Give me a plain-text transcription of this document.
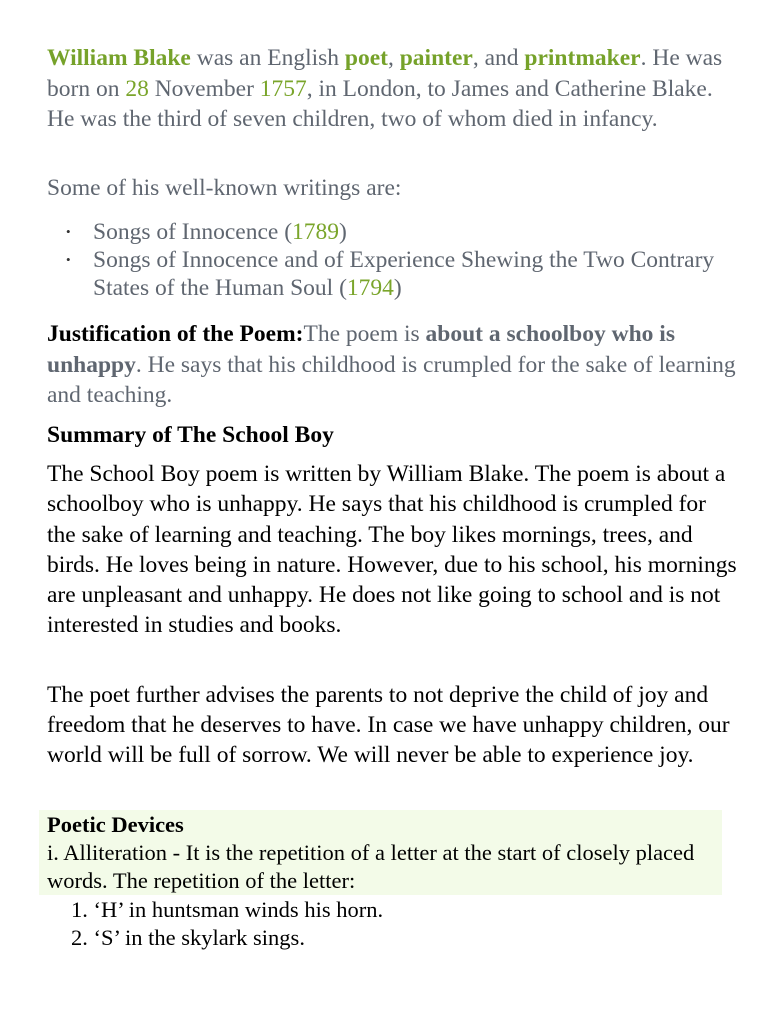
William Blake was an English poet, painter, and printmaker. He was born on 28 November 1757, in London, to James and Catherine Blake. He was the third of seven children, two of whom died in infancy.

Some of his well-known writings are:

• Songs of Innocence (1789)
• Songs of Innocence and of Experience Shewing the Two Contrary States of the Human Soul (1794)

Justification of the Poem:The poem is about a schoolboy who is unhappy. He says that his childhood is crumpled for the sake of learning and teaching.

Summary of The School Boy

The School Boy poem is written by William Blake. The poem is about a schoolboy who is unhappy. He says that his childhood is crumpled for the sake of learning and teaching. The boy likes mornings, trees, and birds. He loves being in nature. However, due to his school, his mornings are unpleasant and unhappy. He does not like going to school and is not interested in studies and books.

The poet further advises the parents to not deprive the child of joy and freedom that he deserves to have. In case we have unhappy children, our world will be full of sorrow. We will never be able to experience joy.

Poetic Devices

i. Alliteration - It is the repetition of a letter at the start of closely placed words. The repetition of the letter:

1. ‘H’ in huntsman winds his horn.
2. ‘S’ in the skylark sings.
